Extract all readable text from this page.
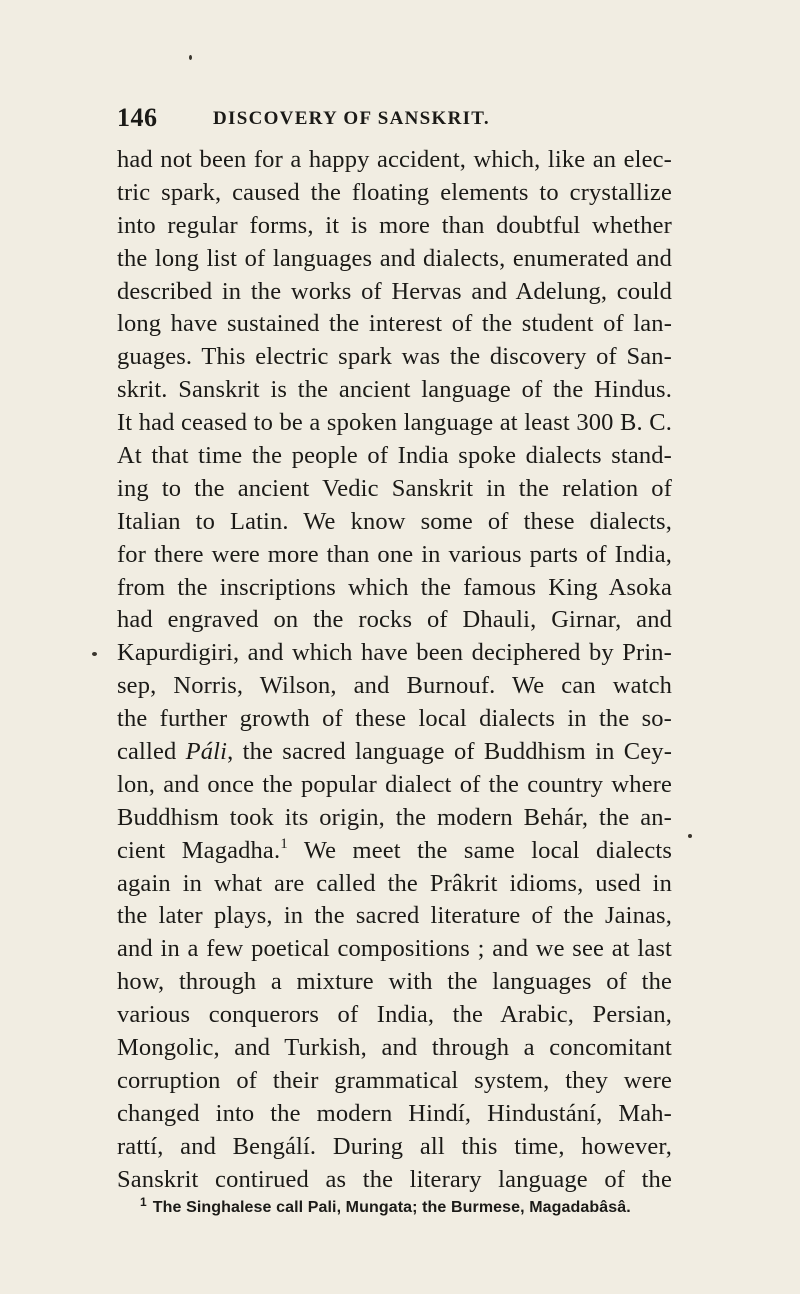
146	DISCOVERY OF SANSKRIT.
had not been for a happy accident, which, like an elec-
tric spark, caused the floating elements to crystallize
into regular forms, it is more than doubtful whether
the long list of languages and dialects, enumerated and
described in the works of Hervas and Adelung, could
long have sustained the interest of the student of lan-
guages. This electric spark was the discovery of San-
skrit. Sanskrit is the ancient language of the Hindus.
It had ceased to be a spoken language at least 300 B. C.
At that time the people of India spoke dialects stand-
ing to the ancient Vedic Sanskrit in the relation of
Italian to Latin. We know some of these dialects,
for there were more than one in various parts of India,
from the inscriptions which the famous King Asoka
had engraved on the rocks of Dhauli, Girnar, and
Kapurdigiri, and which have been deciphered by Prin-
sep, Norris, Wilson, and Burnouf. We can watch
the further growth of these local dialects in the so-
called Páli, the sacred language of Buddhism in Cey-
lon, and once the popular dialect of the country where
Buddhism took its origin, the modern Behár, the an-
cient Magadha.$^1$ We meet the same local dialects
again in what are called the Prâkrit idioms, used in
the later plays, in the sacred literature of the Jainas,
and in a few poetical compositions ; and we see at last
how, through a mixture with the languages of the
various conquerors of India, the Arabic, Persian,
Mongolic, and Turkish, and through a concomitant
corruption of their grammatical system, they were
changed into the modern Hindí, Hindustání, Mah-
rattí, and Bengálí. During all this time, however,
Sanskrit contirued as the literary language of the
$^1$ The Singhalese call Pali, Mungata; the Burmese, Magadabâsâ.
